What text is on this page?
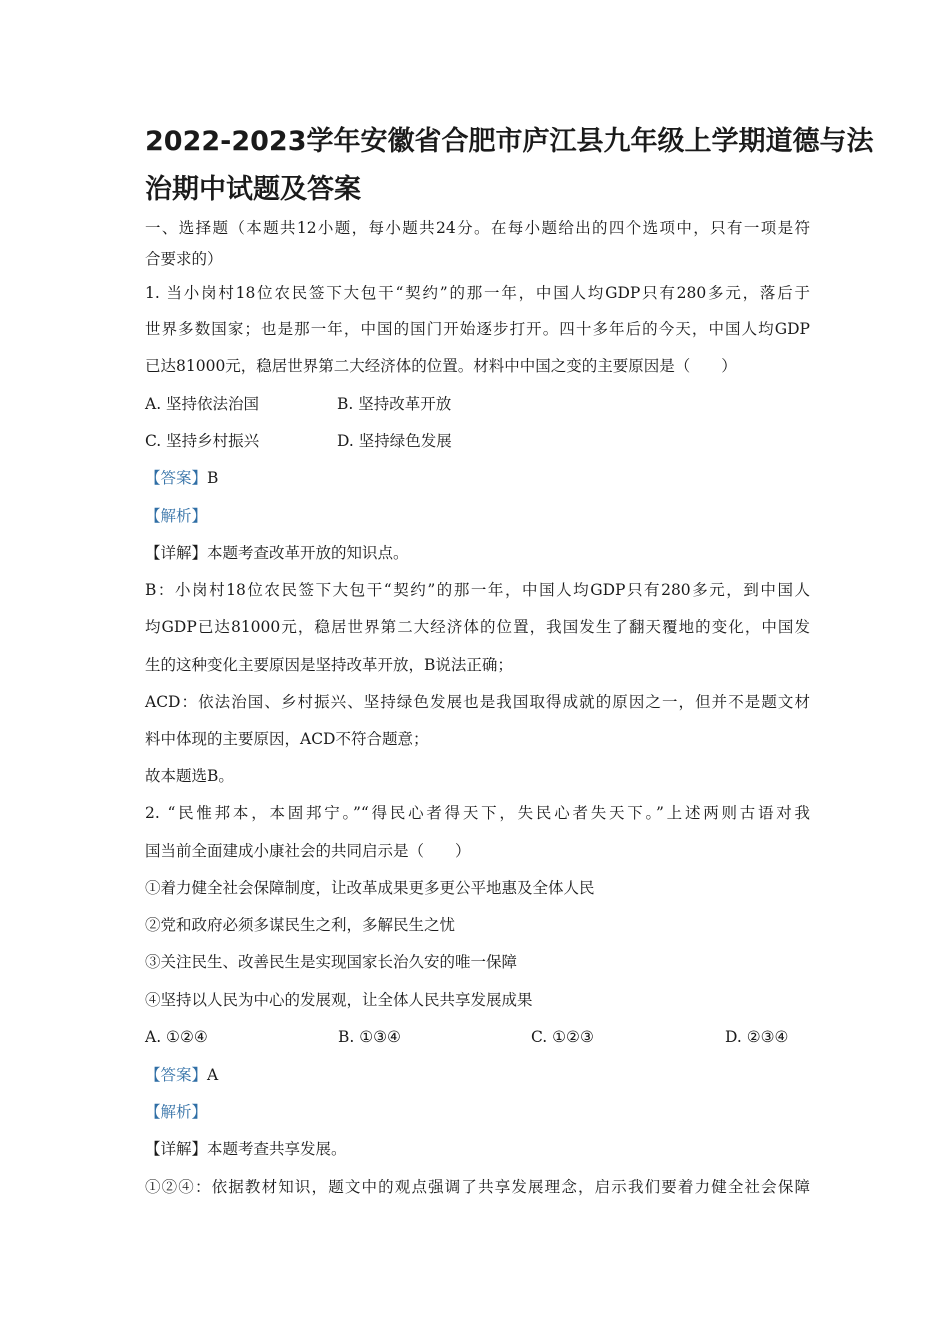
2022-2023学年安徽省合肥市庐江县九年级上学期道德与法
治期中试题及答案
一、选择题（本题共12小题，每小题共24分。在每小题给出的四个选项中，只有一项是符
合要求的）
1. 当小岗村18位农民签下大包干“契约”的那一年，中国人均GDP只有280多元，落后于
世界多数国家；也是那一年，中国的国门开始逐步打开。四十多年后的今天，中国人均GDP
已达81000元，稳居世界第二大经济体的位置。材料中中国之变的主要原因是（　　）
A. 坚持依法治国	B. 坚持改革开放
C. 坚持乡村振兴	D. 坚持绿色发展
【答案】B
【解析】
【详解】本题考查改革开放的知识点。
B：小岗村18位农民签下大包干“契约”的那一年，中国人均GDP只有280多元，到中国人
均GDP已达81000元，稳居世界第二大经济体的位置，我国发生了翻天覆地的变化，中国发
生的这种变化主要原因是坚持改革开放，B说法正确；
ACD：依法治国、乡村振兴、坚持绿色发展也是我国取得成就的原因之一，但并不是题文材
料中体现的主要原因，ACD不符合题意；
故本题选B。
2. “民惟邦本，本固邦宁。”“得民心者得天下，失民心者失天下。”上述两则古语对我
国当前全面建成小康社会的共同启示是（　　）
①着力健全社会保障制度，让改革成果更多更公平地惠及全体人民
②党和政府必须多谋民生之利，多解民生之忧
③关注民生、改善民生是实现国家长治久安的唯一保障
④坚持以人民为中心的发展观，让全体人民共享发展成果
A. ①②④	B. ①③④	C. ①②③	D. ②③④
【答案】A
【解析】
【详解】本题考查共享发展。
①②④：依据教材知识，题文中的观点强调了共享发展理念，启示我们要着力健全社会保障
